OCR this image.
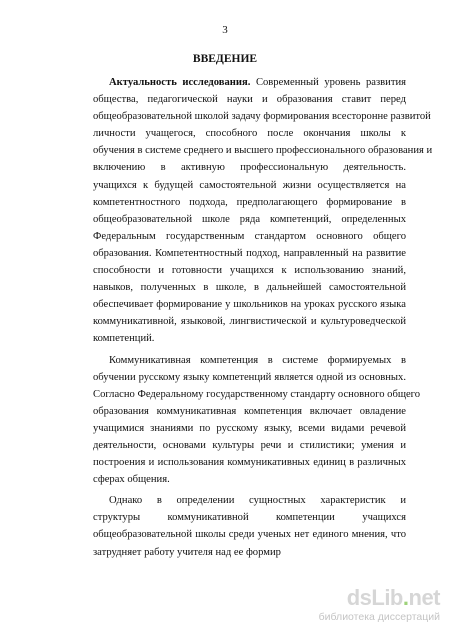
3
ВВЕДЕНИЕ
Актуальность исследования. Современный уровень развития
общества, педагогической науки и образования ставит перед
общеобразовательной школой задачу формирования всесторонне развитой
личности учащегося, способного после окончания школы к
обучения в системе среднего и высшего профессионального образования и
включению в активную профессиональную деятельность.
учащихся к будущей самостоятельной жизни осуществляется на
компетентностного подхода, предполагающего формирование в
общеобразовательной школе ряда компетенций, определенных
Федеральным государственным стандартом основного общего
образования. Компетентностный подход, направленный на развитие
способности и готовности учащихся к использованию знаний,
навыков, полученных в школе, в дальнейшей самостоятельной
обеспечивает формирование у школьников на уроках русского языка
коммуникативной, языковой, лингвистической и культуроведческой
компетенций.
Коммуникативная компетенция в системе формируемых в
обучении русскому языку компетенций является одной из основных.
Согласно Федеральному государственному стандарту основного общего
образования коммуникативная компетенция включает овладение
учащимися знаниями по русскому языку, всеми видами речевой
деятельности, основами культуры речи и стилистики; умения и
построения и использования коммуникативных единиц в различных
сферах общения.
Однако в определении сущностных характеристик и
структуры коммуникативной компетенции учащихся
общеобразовательной школы среди ученых нет единого мнения, что
затрудняет работу учителя над ее формир
dsLib.net
библиотека диссертаций
